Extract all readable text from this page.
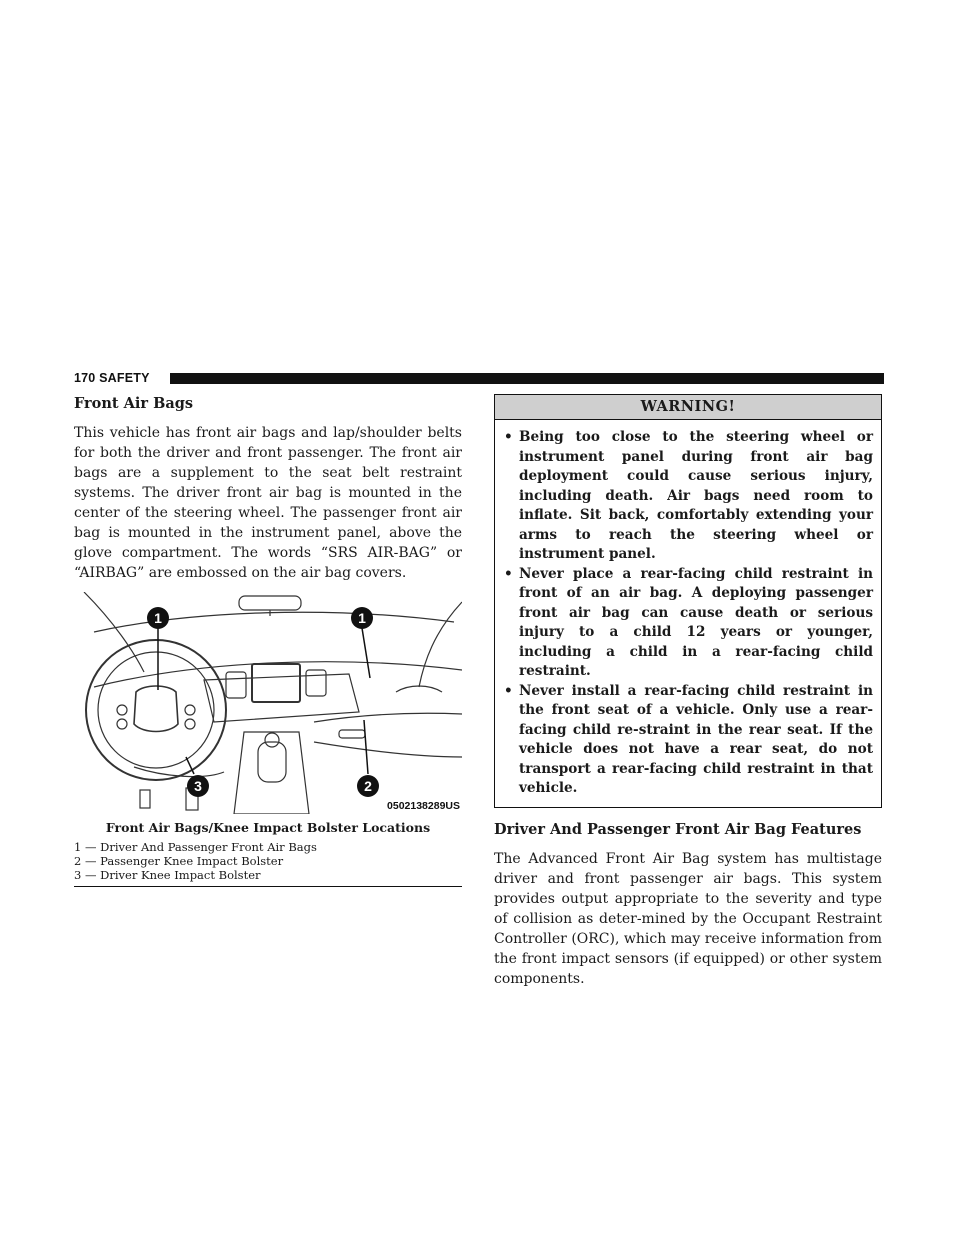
170 SAFETY
Front Air Bags

This vehicle has front air bags and lap/shoulder belts for both the driver and front passenger. The front air bags are a supplement to the seat belt restraint systems. The driver front air bag is mounted in the center of the steering wheel. The passenger front air bag is mounted in the instrument panel, above the glove compartment. The words “SRS AIR-BAG” or “AIRBAG” are embossed on the air bag covers.

1	1
3	2
0502138289US
Front Air Bags/Knee Impact Bolster Locations
1 — Driver And Passenger Front Air Bags
2 — Passenger Knee Impact Bolster
3 — Driver Knee Impact Bolster
WARNING!
• Being too close to the steering wheel or instrument panel during front air bag deployment could cause serious injury, including death. Air bags need room to inflate. Sit back, comfortably extending your arms to reach the steering wheel or instrument panel.
• Never place a rear-facing child restraint in front of an air bag. A deploying passenger front air bag can cause death or serious injury to a child 12 years or younger, including a child in a rear-facing child restraint.
• Never install a rear-facing child restraint in the front seat of a vehicle. Only use a rear-facing child re-straint in the rear seat. If the vehicle does not have a rear seat, do not transport a rear-facing child restraint in that vehicle.
Driver And Passenger Front Air Bag Features

The Advanced Front Air Bag system has multistage driver and front passenger air bags. This system provides output appropriate to the severity and type of collision as deter-mined by the Occupant Restraint Controller (ORC), which may receive information from the front impact sensors (if equipped) or other system components.
